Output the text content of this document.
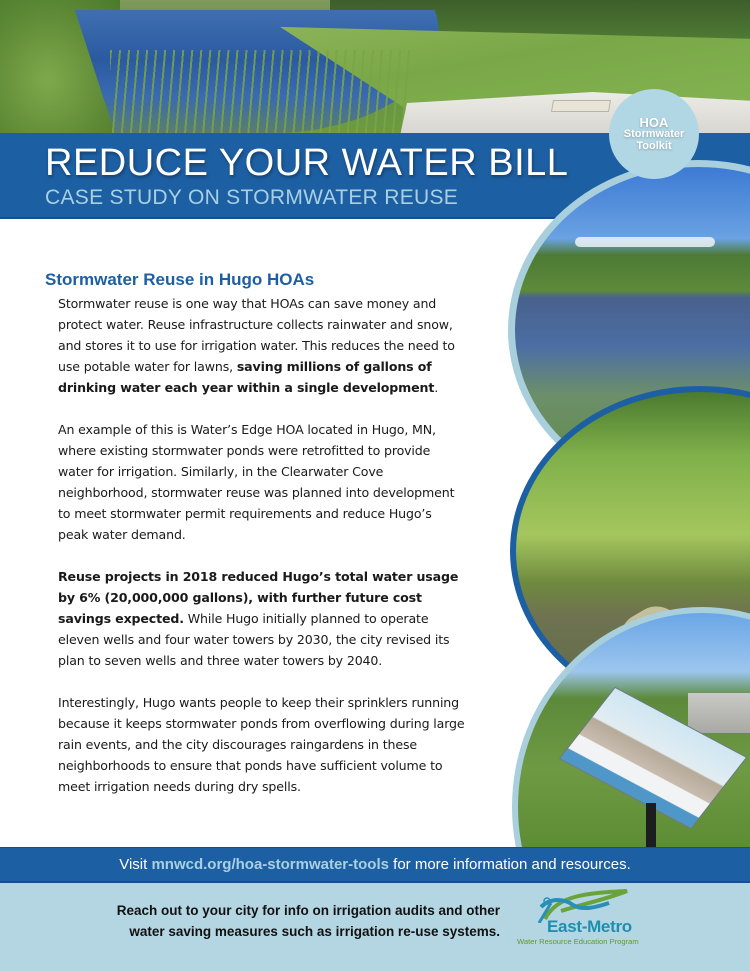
REDUCE YOUR WATER BILL
CASE STUDY ON STORMWATER REUSE
HOA
Stormwater
Toolkit
Stormwater Reuse in Hugo HOAs

Stormwater reuse is one way that HOAs can save money and protect water. Reuse infrastructure collects rainwater and snow, and stores it to use for irrigation water. This reduces the need to use potable water for lawns, saving millions of gallons of drinking water each year within a single development.

An example of this is Water’s Edge HOA located in Hugo, MN, where existing stormwater ponds were retrofitted to provide water for irrigation. Similarly, in the Clearwater Cove neighborhood, stormwater reuse was planned into development to meet stormwater permit requirements and reduce Hugo’s peak water demand.

Reuse projects in 2018 reduced Hugo’s total water usage by 6% (20,000,000 gallons), with further future cost savings expected. While Hugo initially planned to operate eleven wells and four water towers by 2030, the city revised its plan to seven wells and three water towers by 2040.

Interestingly, Hugo wants people to keep their sprinklers running because it keeps stormwater ponds from overflowing during large rain events, and the city discourages raingardens in these neighborhoods to ensure that ponds have sufficient volume to meet irrigation needs during dry spells.

Visit mnwcd.org/hoa-stormwater-tools for more information and resources.
Reach out to your city for info on irrigation audits and other
water saving measures such as irrigation re-use systems.	East-Metro
Water Resource Education Program
